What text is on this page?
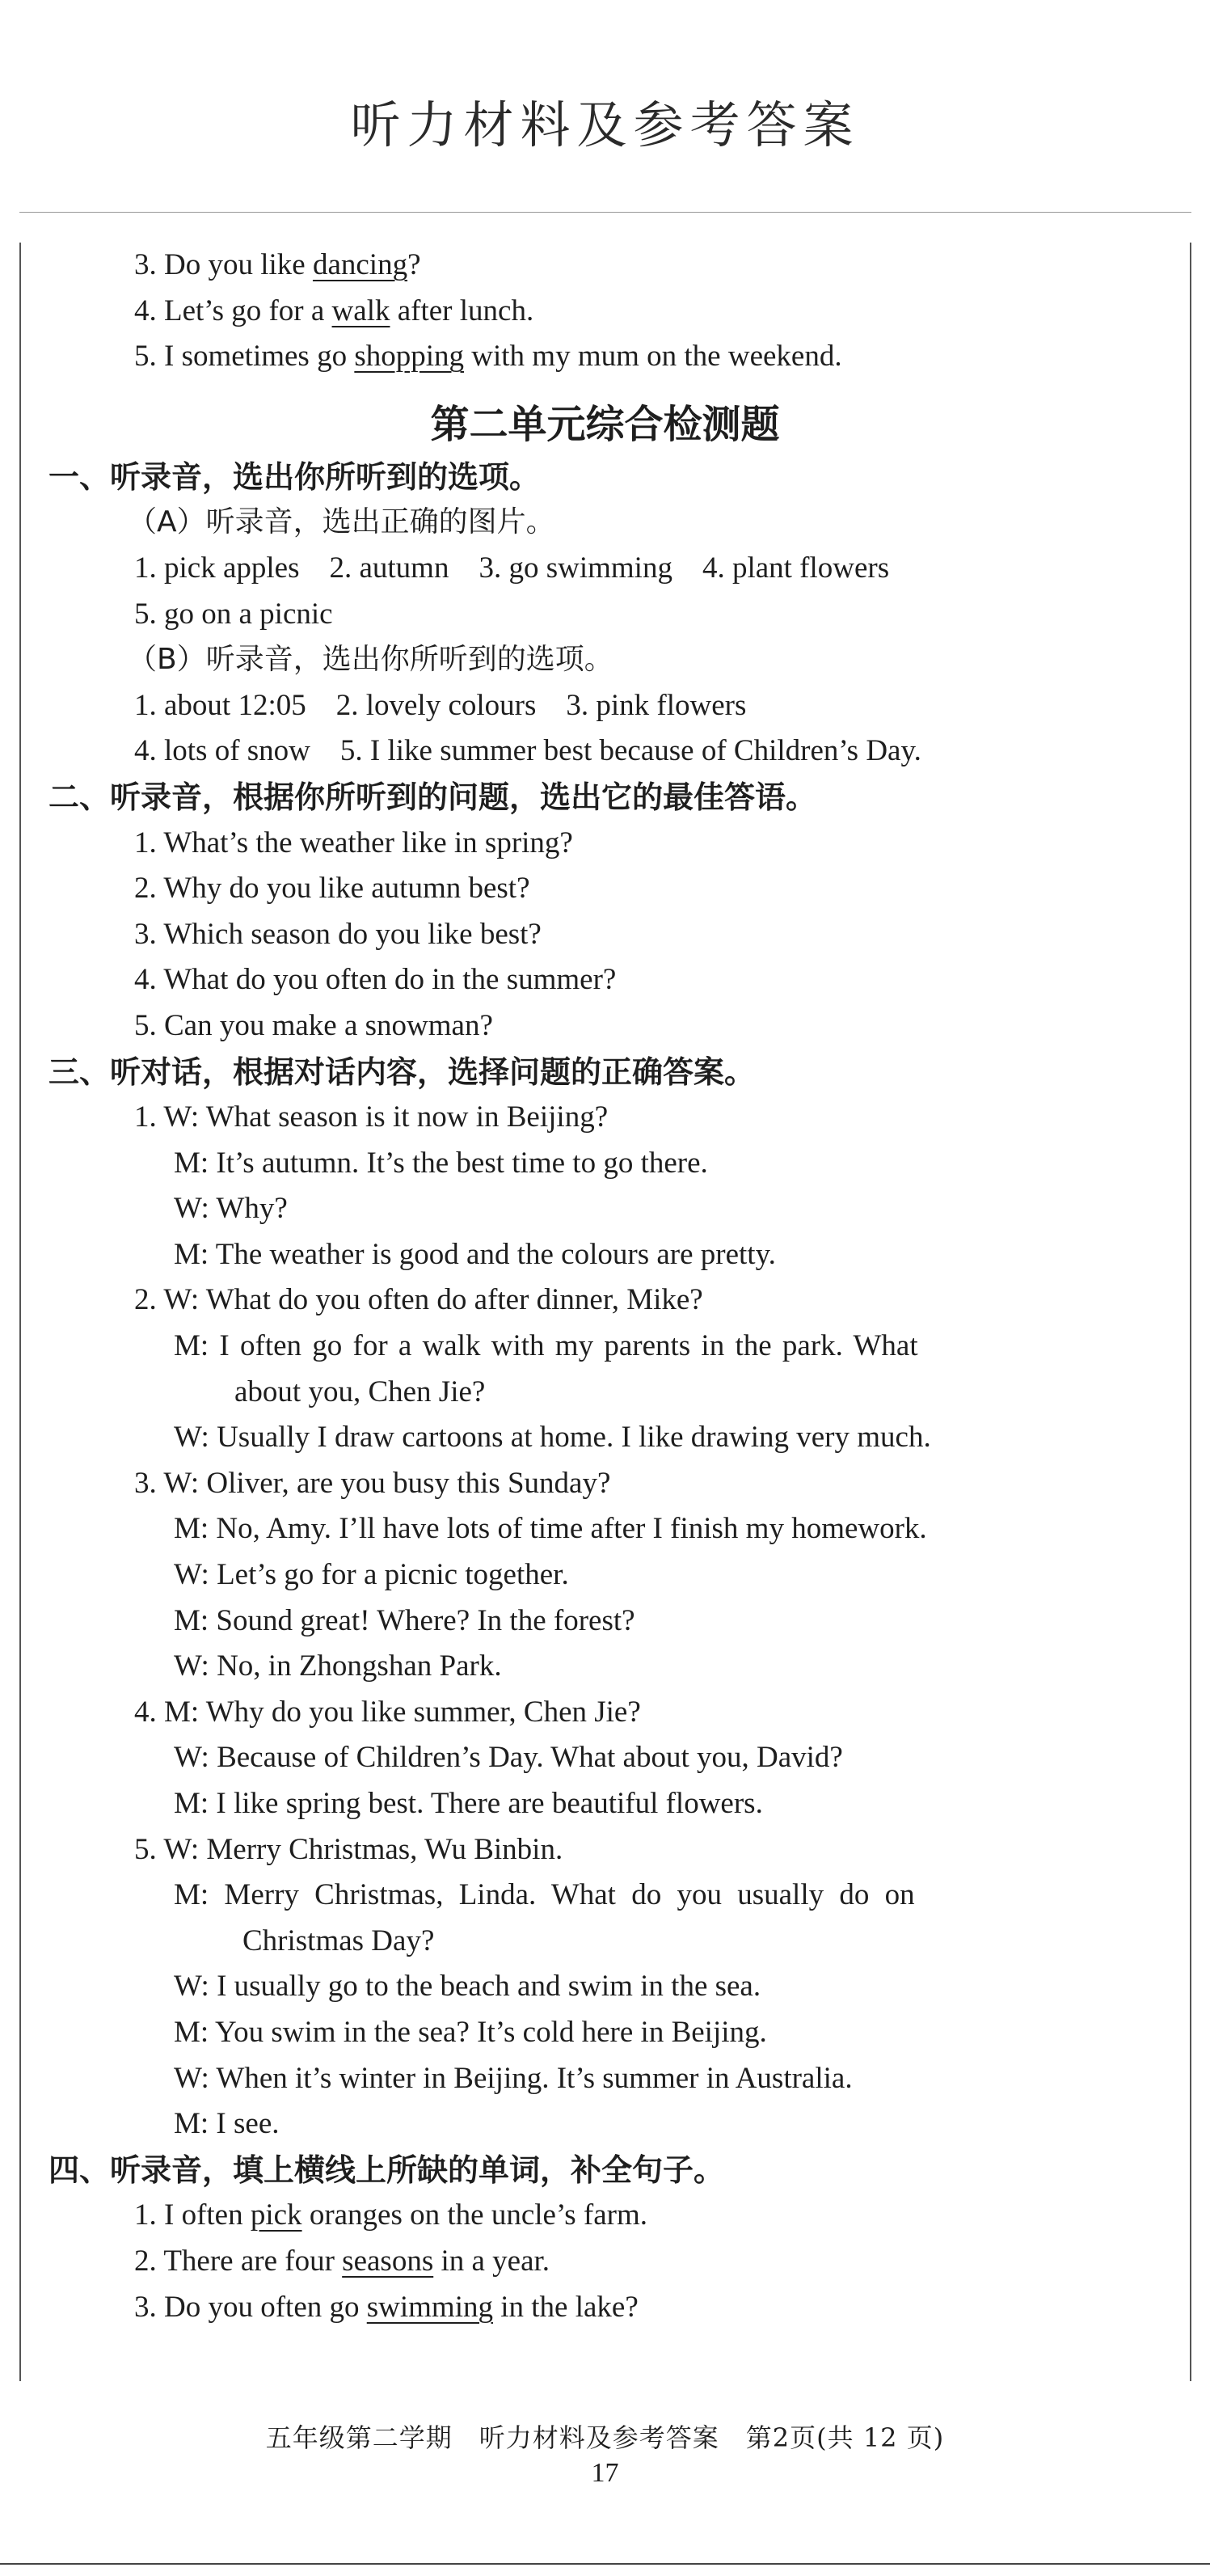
听力材料及参考答案
3. Do you like dancing?
4. Let’s go for a walk after lunch.
5. I sometimes go shopping with my mum on the weekend.
第二单元综合检测题
一、听录音，选出你所听到的选项。
（A）听录音，选出正确的图片。
1. pick apples　2. autumn　3. go swimming　4. plant flowers
5. go on a picnic
（B）听录音，选出你所听到的选项。
1. about 12:05　2. lovely colours　3. pink flowers
4. lots of snow　5. I like summer best because of Children’s Day.
二、听录音，根据你所听到的问题，选出它的最佳答语。
1. What’s the weather like in spring?
2. Why do you like autumn best?
3. Which season do you like best?
4. What do you often do in the summer?
5. Can you make a snowman?
三、听对话，根据对话内容，选择问题的正确答案。
1. W: What season is it now in Beijing?
M: It’s autumn. It’s the best time to go there.
W: Why?
M: The weather is good and the colours are pretty.
2. W: What do you often do after dinner, Mike?
M: I often go for a walk with my parents in the park. What
about you, Chen Jie?
W: Usually I draw cartoons at home. I like drawing very much.
3. W: Oliver, are you busy this Sunday?
M: No, Amy. I’ll have lots of time after I finish my homework.
W: Let’s go for a picnic together.
M: Sound great! Where? In the forest?
W: No, in Zhongshan Park.
4. M: Why do you like summer, Chen Jie?
W: Because of Children’s Day. What about you, David?
M: I like spring best. There are beautiful flowers.
5. W: Merry Christmas, Wu Binbin.
M: Merry Christmas, Linda. What do you usually do on
Christmas Day?
W: I usually go to the beach and swim in the sea.
M: You swim in the sea? It’s cold here in Beijing.
W: When it’s winter in Beijing. It’s summer in Australia.
M: I see.
四、听录音，填上横线上所缺的单词，补全句子。
1. I often pick oranges on the uncle’s farm.
2. There are four seasons in a year.
3. Do you often go swimming in the lake?
五年级第二学期　听力材料及参考答案　第2页(共 12 页)
17
